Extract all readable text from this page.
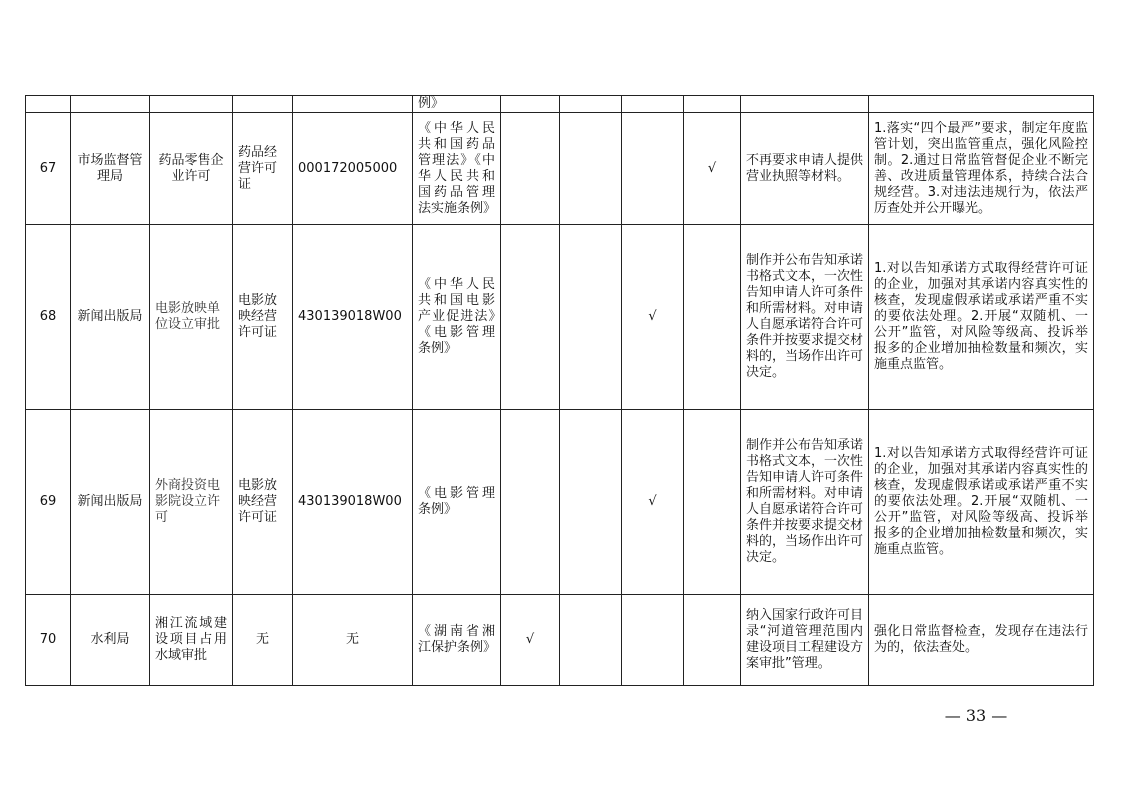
					例》						
67	市场监督管理局	药品零售企业许可	药品经营许可证	000172005000	《中华人民共和国药品管理法》《中华人民共和国药品管理法实施条例》				√	不再要求申请人提供营业执照等材料。	1.落实“四个最严”要求，制定年度监管计划，突出监管重点，强化风险控制。2.通过日常监管督促企业不断完善、改进质量管理体系，持续合法合规经营。3.对违法违规行为，依法严厉查处并公开曝光。
68	新闻出版局	电影放映单位设立审批	电影放映经营许可证	430139018W00	《中华人民共和国电影产业促进法》《电影管理条例》			√		制作并公布告知承诺书格式文本，一次性告知申请人许可条件和所需材料。对申请人自愿承诺符合许可条件并按要求提交材料的，当场作出许可决定。	1.对以告知承诺方式取得经营许可证的企业，加强对其承诺内容真实性的核查，发现虚假承诺或承诺严重不实的要依法处理。2.开展“双随机、一公开”监管，对风险等级高、投诉举报多的企业增加抽检数量和频次，实施重点监管。
69	新闻出版局	外商投资电影院设立许可	电影放映经营许可证	430139018W00	《电影管理条例》			√		制作并公布告知承诺书格式文本，一次性告知申请人许可条件和所需材料。对申请人自愿承诺符合许可条件并按要求提交材料的，当场作出许可决定。	1.对以告知承诺方式取得经营许可证的企业，加强对其承诺内容真实性的核查，发现虚假承诺或承诺严重不实的要依法处理。2.开展“双随机、一公开”监管，对风险等级高、投诉举报多的企业增加抽检数量和频次，实施重点监管。
70	水利局	湘江流域建设项目占用水域审批	无	无	《湖南省湘江保护条例》	√				纳入国家行政许可目录“河道管理范围内建设项目工程建设方案审批”管理。	强化日常监督检查，发现存在违法行为的，依法查处。
— 33 —
